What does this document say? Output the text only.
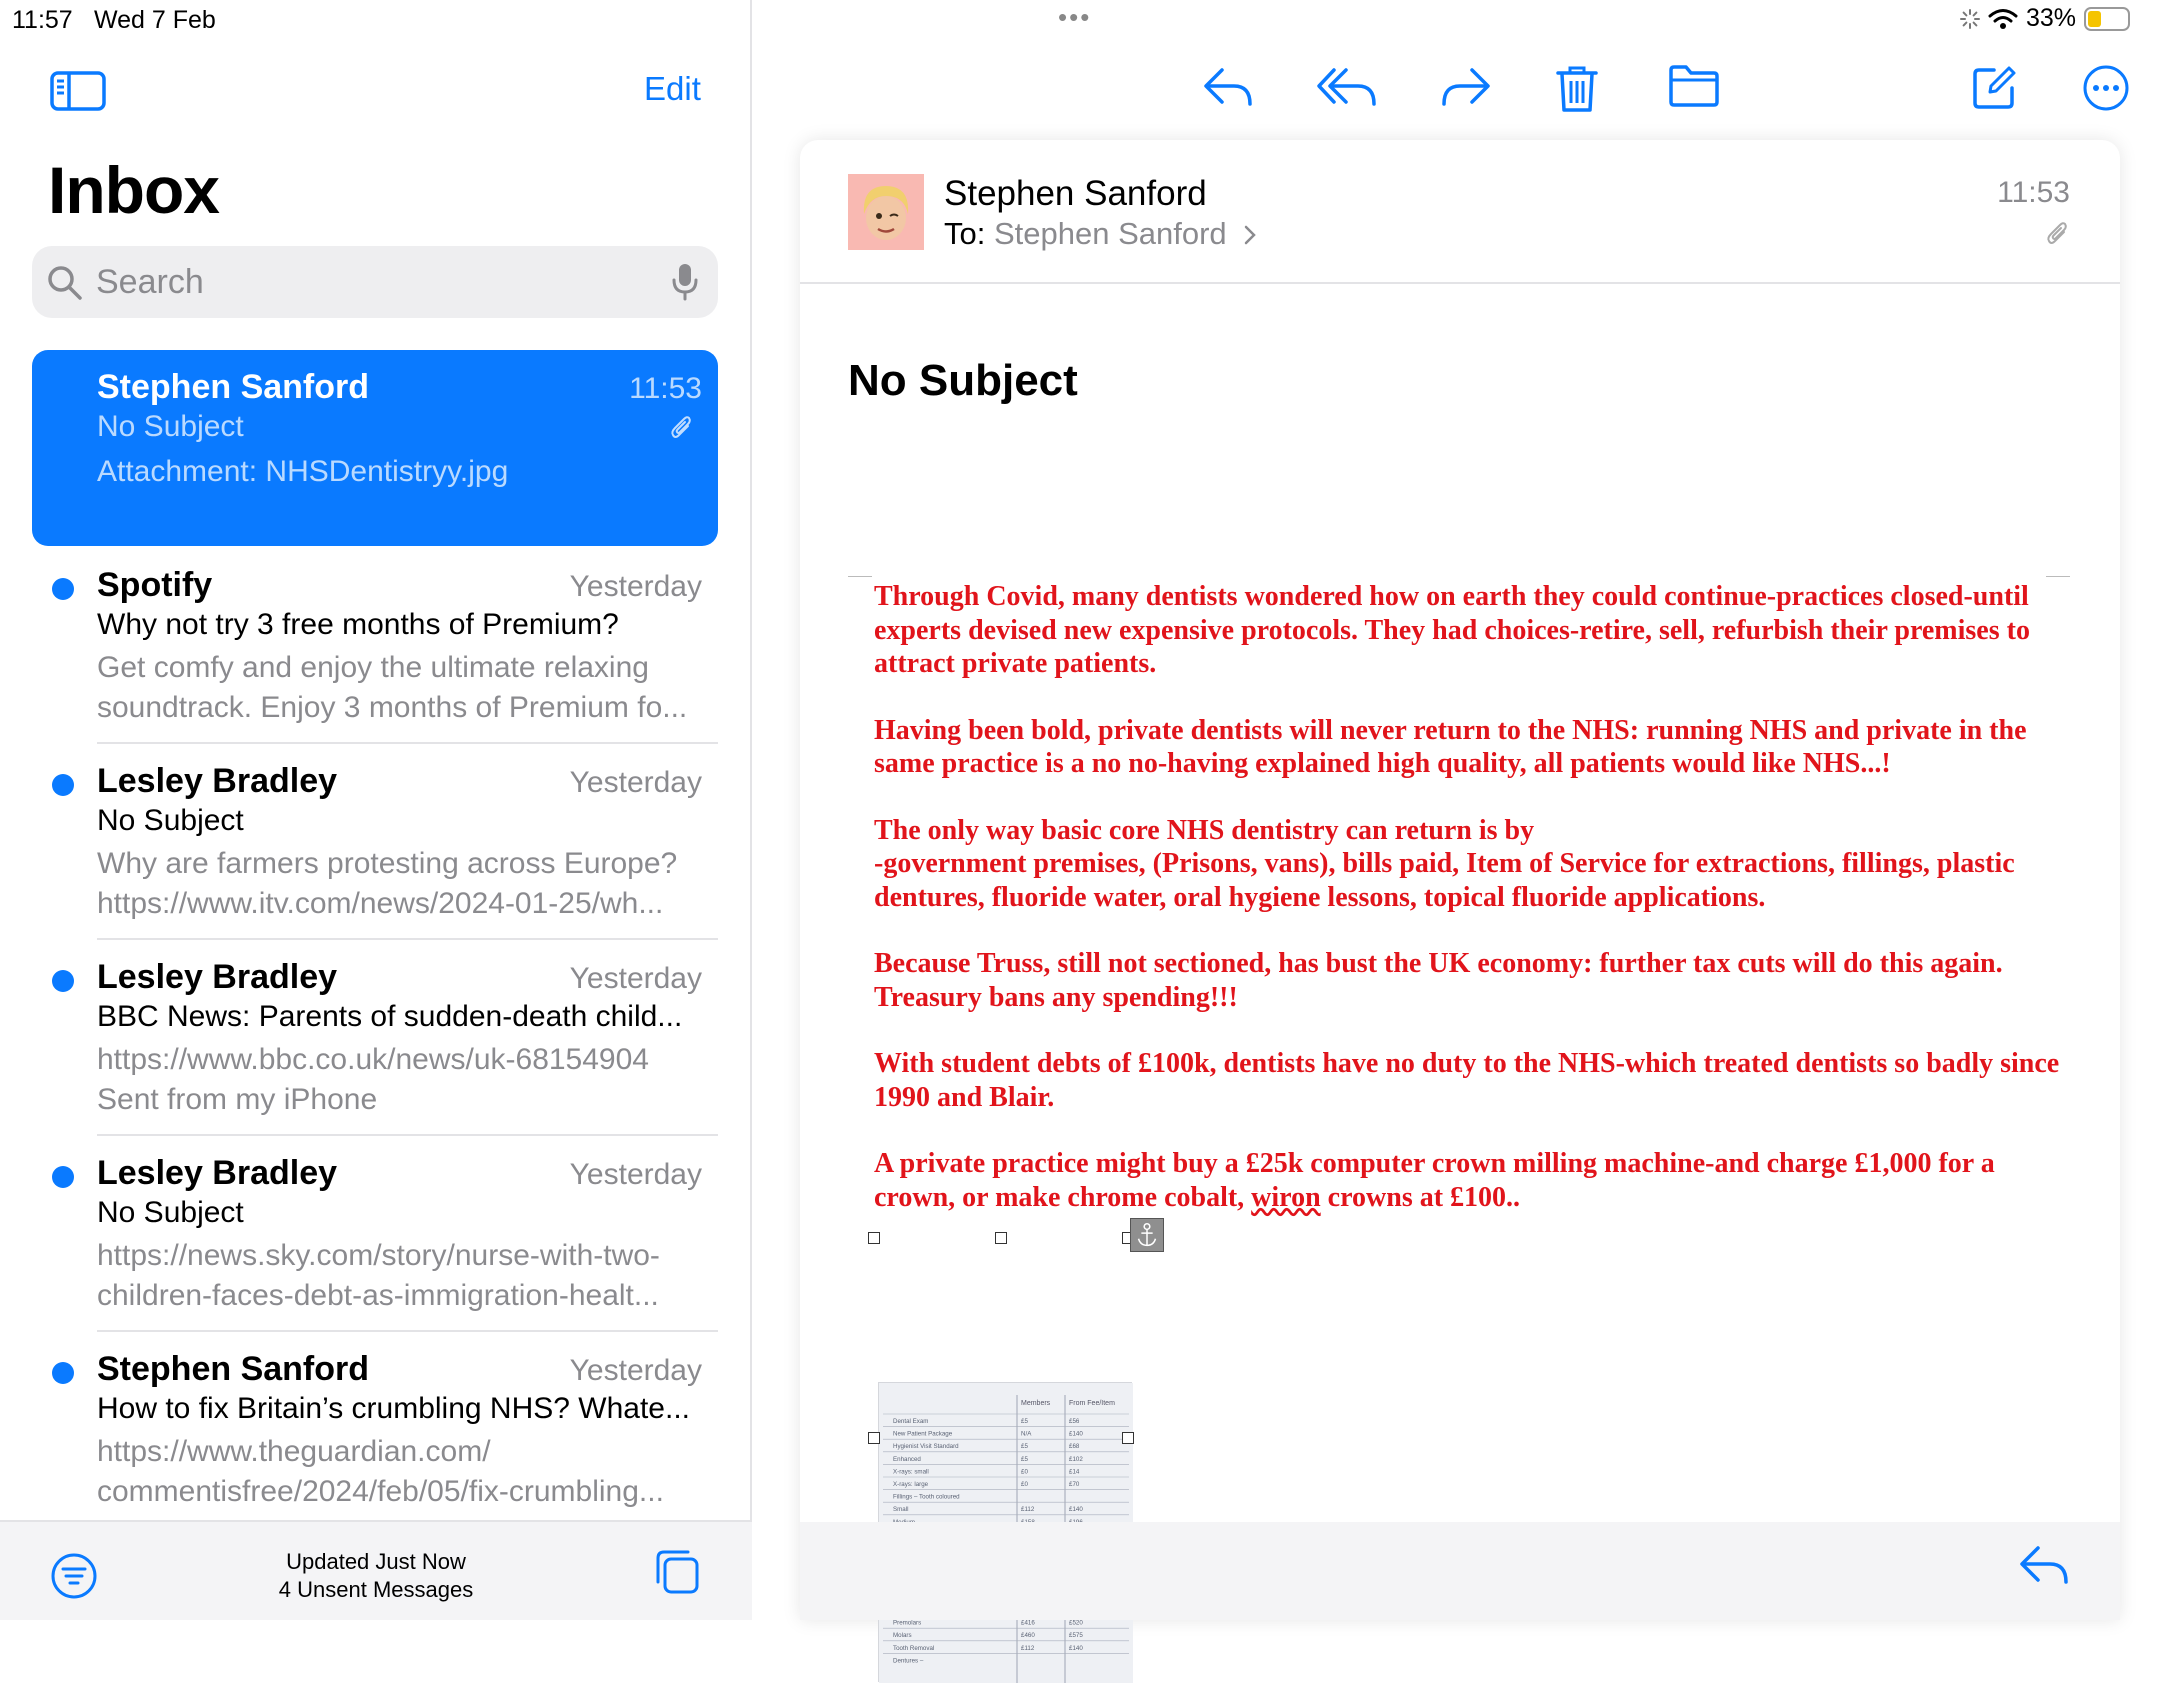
11:57 Wed 7 Feb	•••	33%
Edit
Inbox
Search
Stephen Sanford	11:53
No Subject
Attachment: NHSDentistryy.jpg
Spotify	Yesterday
Why not try 3 free months of Premium?
Get comfy and enjoy the ultimate relaxing soundtrack. Enjoy 3 months of Premium fo...
Lesley Bradley	Yesterday
No Subject
Why are farmers protesting across Europe? https://www.itv.com/news/2024-01-25/wh...
Lesley Bradley	Yesterday
BBC News: Parents of sudden-death child...
https://www.bbc.co.uk/news/uk-68154904 Sent from my iPhone
Lesley Bradley	Yesterday
No Subject
https://news.sky.com/story/nurse-with-two-children-faces-debt-as-immigration-healt...
Stephen Sanford	Yesterday
How to fix Britain’s crumbling NHS? Whate...
https://www.theguardian.com/ commentisfree/2024/feb/05/fix-crumbling...
Updated Just Now
4 Unsent Messages
Stephen Sanford
To: Stephen Sanford
11:53
No Subject

Through Covid, many dentists wondered how on earth they could continue-practices closed-until experts devised new expensive protocols. They had choices-retire, sell, refurbish their premises to attract private patients.

Having been bold, private dentists will never return to the NHS: running NHS and private in the same practice is a no no-having explained high quality, all patients would like NHS...!

The only way basic core NHS dentistry can return is by
-government premises, (Prisons, vans), bills paid, Item of Service for extractions, fillings, plastic dentures, fluoride water, oral hygiene lessons, topical fluoride applications.

Because Truss, still not sectioned, has bust the UK economy: further tax cuts will do this again. Treasury bans any spending!!!

With student debts of £100k, dentists have no duty to the NHS-which treated dentists so badly since 1990 and Blair.

A private practice might buy a £25k computer crown milling machine-and charge £1,000 for a crown, or make chrome cobalt, wiron crowns at £100..

Members	From Fee/Item
Dental Exam	£5	£56
New Patient Package	N/A	£140
Hygienist Visit Standard	£5	£68
Enhanced	£5	£102
X-rays: small	£0	£14
X-rays: large	£0	£70
Fillings – Tooth coloured
Small	£112	£140
Premolars	£416	£520
Molars	£460	£575
Tooth Removal	£112	£140
Dentures –
